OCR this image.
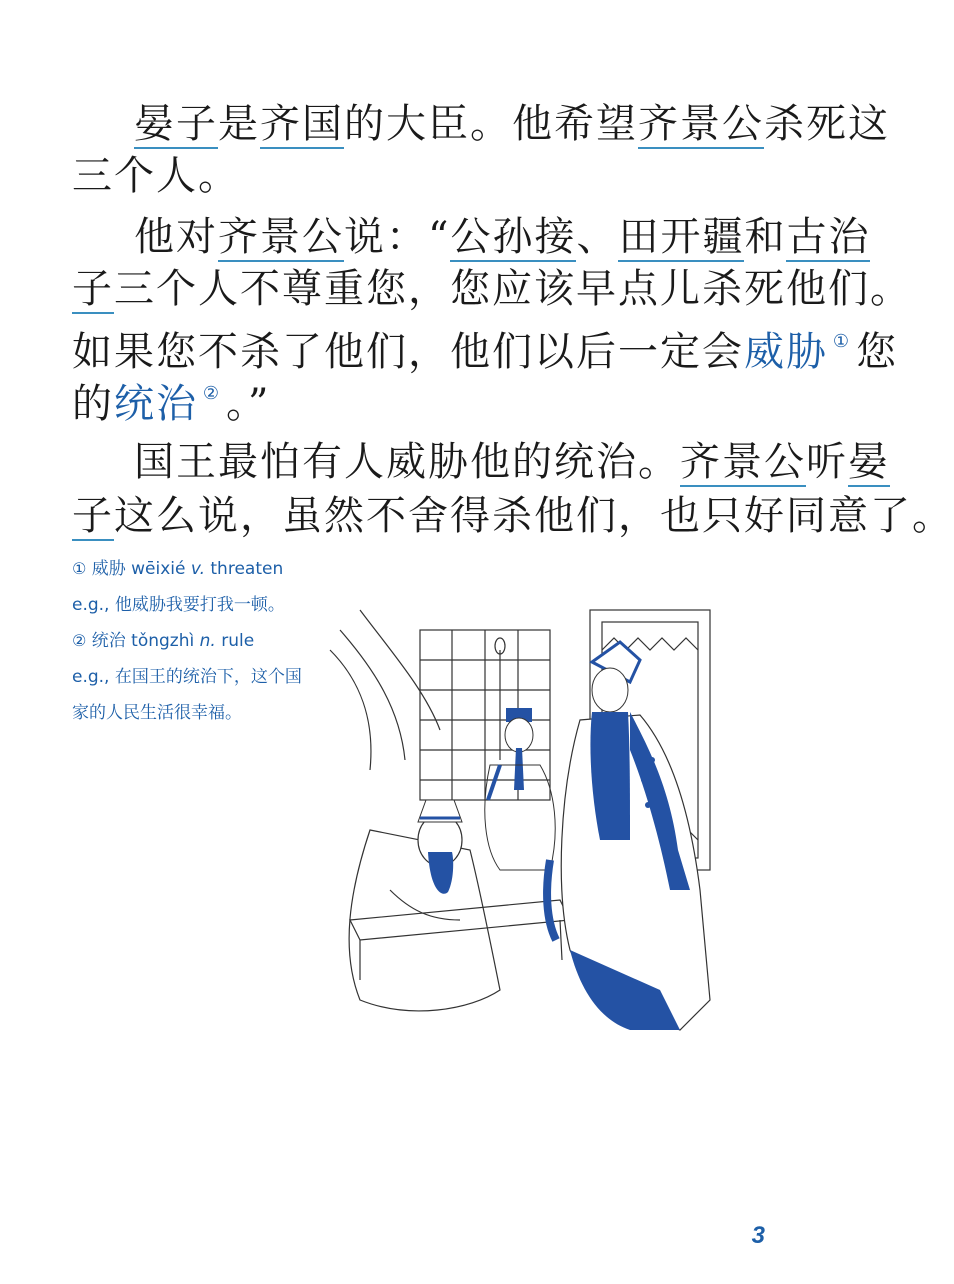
晏子是齐国的大臣。他希望齐景公杀死这
三个人。
他对齐景公说：“公孙接、田开疆和古治
子三个人不尊重您，您应该早点儿杀死他们。
如果您不杀了他们，他们以后一定会威胁 ① 您
的统治 ② 。”
国王最怕有人威胁他的统治。齐景公听晏
子这么说，虽然不舍得杀他们，也只好同意了。
① 威胁 wēixié v. threaten
e.g., 他威胁我要打我一顿。
② 统治 tǒngzhì n. rule
e.g., 在国王的统治下，这个国
家的人民生活很幸福。
3
